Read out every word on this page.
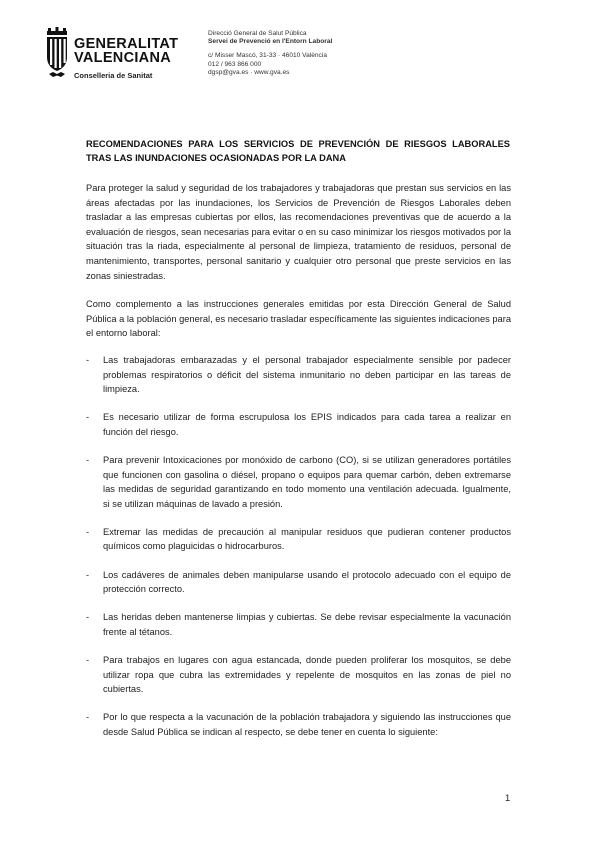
GENERALITAT
VALENCIANA
Conselleria de Sanitat
Direcció General de Salut Pública
Servei de Prevenció en l'Entorn Laboral
c/ Misser Mascó, 31-33 · 46010 València
012 / 963 866 000
dgsp@gva.es · www.gva.es
RECOMENDACIONES PARA LOS SERVICIOS DE PREVENCIÓN DE RIESGOS LABORALES TRAS LAS INUNDACIONES OCASIONADAS POR LA DANA
Para proteger la salud y seguridad de los trabajadores y trabajadoras que prestan sus servicios en las áreas afectadas por las inundaciones, los Servicios de Prevención de Riesgos Laborales deben trasladar a las empresas cubiertas por ellos, las recomendaciones preventivas que de acuerdo a la evaluación de riesgos, sean necesarias para evitar o en su caso minimizar los riesgos motivados por la situación tras la riada, especialmente al personal de limpieza, tratamiento de residuos, personal de mantenimiento, transportes, personal sanitario y cualquier otro personal que preste servicios en las zonas siniestradas.
Como complemento a las instrucciones generales emitidas por esta Dirección General de Salud Pública a la población general, es necesario trasladar específicamente las siguientes indicaciones para el entorno laboral:
- Las trabajadoras embarazadas y el personal trabajador especialmente sensible por padecer problemas respiratorios o déficit del sistema inmunitario no deben participar en las tareas de limpieza.
- Es necesario utilizar de forma escrupulosa los EPIS indicados para cada tarea a realizar en función del riesgo.
- Para prevenir Intoxicaciones por monóxido de carbono (CO), si se utilizan generadores portátiles que funcionen con gasolina o diésel, propano o equipos para quemar carbón, deben extremarse las medidas de seguridad garantizando en todo momento una ventilación adecuada. Igualmente, si se utilizan máquinas de lavado a presión.
- Extremar las medidas de precaución al manipular residuos que pudieran contener productos químicos como plaguicidas o hidrocarburos.
- Los cadáveres de animales deben manipularse usando el protocolo adecuado con el equipo de protección correcto.
- Las heridas deben mantenerse limpias y cubiertas. Se debe revisar especialmente la vacunación frente al tétanos.
- Para trabajos en lugares con agua estancada, donde pueden proliferar los mosquitos, se debe utilizar ropa que cubra las extremidades y repelente de mosquitos en las zonas de piel no cubiertas.
- Por lo que respecta a la vacunación de la población trabajadora y siguiendo las instrucciones que desde Salud Pública se indican al respecto, se debe tener en cuenta lo siguiente:
1
